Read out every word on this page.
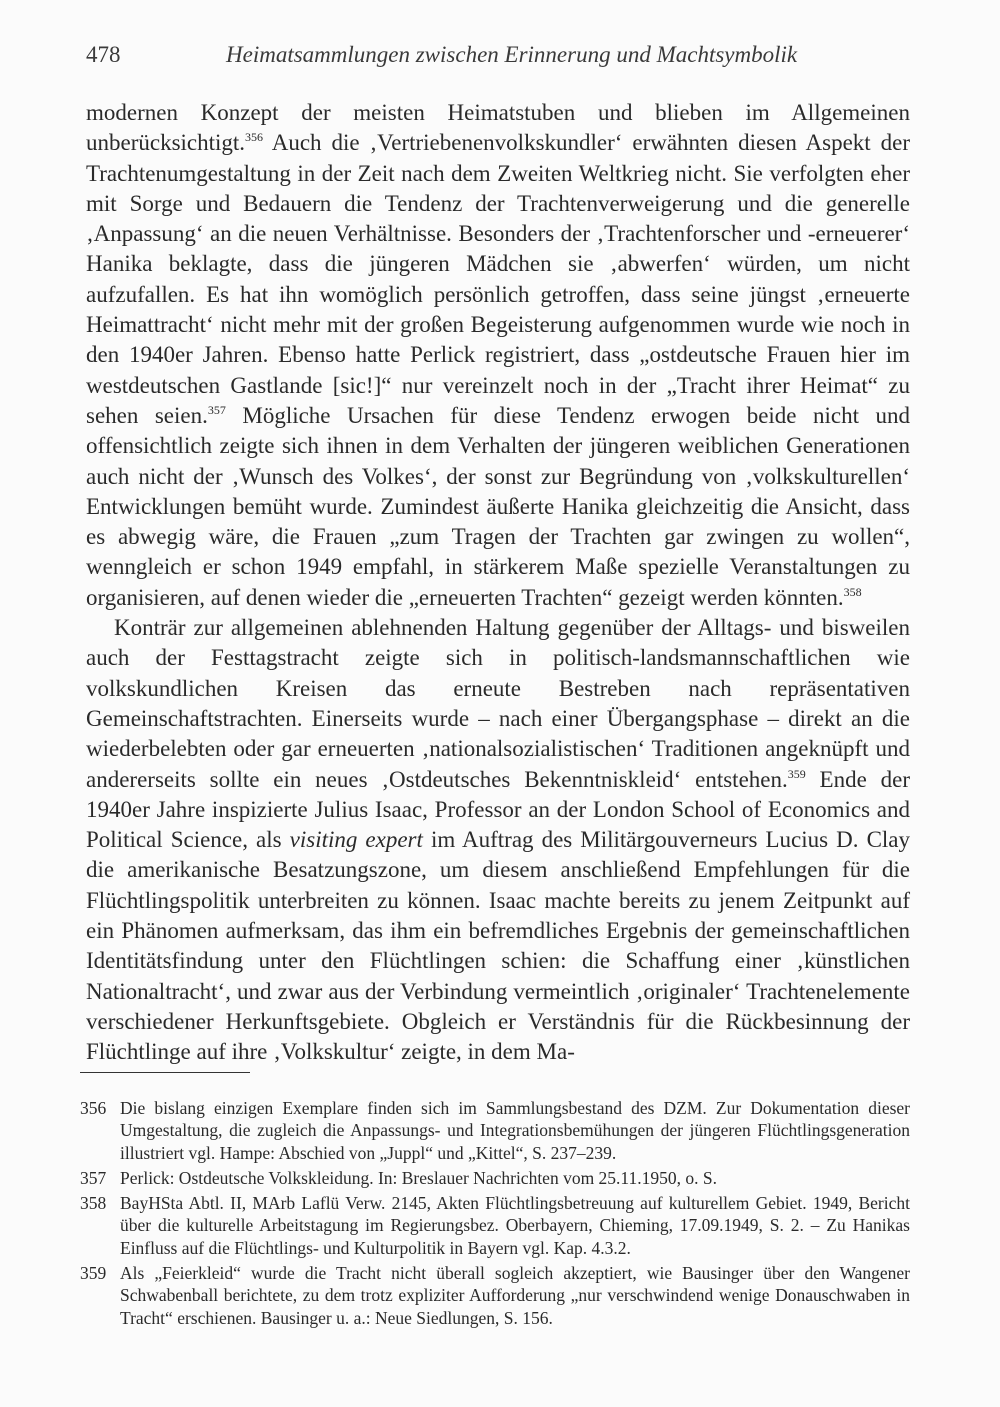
478	Heimatsammlungen zwischen Erinnerung und Machtsymbolik

modernen Konzept der meisten Heimatstuben und blieben im Allgemeinen unberücksichtigt.$^{356}$ Auch die ‚Vertriebenenvolkskundler‘ erwähnten diesen Aspekt der Trachtenumgestaltung in der Zeit nach dem Zweiten Weltkrieg nicht. Sie verfolgten eher mit Sorge und Bedauern die Tendenz der Trachtenverweigerung und die generelle ‚Anpassung‘ an die neuen Verhältnisse. Besonders der ‚Trachtenforscher und -erneuerer‘ Hanika beklagte, dass die jüngeren Mädchen sie ‚abwerfen‘ würden, um nicht aufzufallen. Es hat ihn womöglich persönlich getroffen, dass seine jüngst ‚erneuerte Heimattracht‘ nicht mehr mit der großen Begeisterung aufgenommen wurde wie noch in den 1940er Jahren. Ebenso hatte Perlick registriert, dass „ostdeutsche Frauen hier im westdeutschen Gastlande [sic!]“ nur vereinzelt noch in der „Tracht ihrer Heimat“ zu sehen seien.$^{357}$ Mögliche Ursachen für diese Tendenz erwogen beide nicht und offensichtlich zeigte sich ihnen in dem Verhalten der jüngeren weiblichen Generationen auch nicht der ‚Wunsch des Volkes‘, der sonst zur Begründung von ‚volkskulturellen‘ Entwicklungen bemüht wurde. Zumindest äußerte Hanika gleichzeitig die Ansicht, dass es abwegig wäre, die Frauen „zum Tragen der Trachten gar zwingen zu wollen“, wenngleich er schon 1949 empfahl, in stärkerem Maße spezielle Veranstaltungen zu organisieren, auf denen wieder die „erneuerten Trachten“ gezeigt werden könnten.$^{358}$

Konträr zur allgemeinen ablehnenden Haltung gegenüber der Alltags- und bisweilen auch der Festtagstracht zeigte sich in politisch-landsmannschaftlichen wie volkskundlichen Kreisen das erneute Bestreben nach repräsentativen Gemeinschaftstrachten. Einerseits wurde – nach einer Übergangsphase – direkt an die wiederbelebten oder gar erneuerten ‚nationalsozialistischen‘ Traditionen angeknüpft und andererseits sollte ein neues ‚Ostdeutsches Bekenntniskleid‘ entstehen.$^{359}$ Ende der 1940er Jahre inspizierte Julius Isaac, Professor an der London School of Economics and Political Science, als visiting expert im Auftrag des Militärgouverneurs Lucius D. Clay die amerikanische Besatzungszone, um diesem anschließend Empfehlungen für die Flüchtlingspolitik unterbreiten zu können. Isaac machte bereits zu jenem Zeitpunkt auf ein Phänomen aufmerksam, das ihm ein befremdliches Ergebnis der gemeinschaftlichen Identitätsfindung unter den Flüchtlingen schien: die Schaffung einer ‚künstlichen Nationaltracht‘, und zwar aus der Verbindung vermeintlich ‚originaler‘ Trachtenelemente verschiedener Herkunftsgebiete. Obgleich er Verständnis für die Rückbesinnung der Flüchtlinge auf ihre ‚Volkskultur‘ zeigte, in dem Ma-

356 Die bislang einzigen Exemplare finden sich im Sammlungsbestand des DZM. Zur Dokumentation dieser Umgestaltung, die zugleich die Anpassungs- und Integrationsbemühungen der jüngeren Flüchtlingsgeneration illustriert vgl. Hampe: Abschied von „Juppl“ und „Kittel“, S. 237–239.
357 Perlick: Ostdeutsche Volkskleidung. In: Breslauer Nachrichten vom 25.11.1950, o. S.
358 BayHSta Abtl. II, MArb Laflü Verw. 2145, Akten Flüchtlingsbetreuung auf kulturellem Gebiet. 1949, Bericht über die kulturelle Arbeitstagung im Regierungsbez. Oberbayern, Chieming, 17.09.1949, S. 2. – Zu Hanikas Einfluss auf die Flüchtlings- und Kulturpolitik in Bayern vgl. Kap. 4.3.2.
359 Als „Feierkleid“ wurde die Tracht nicht überall sogleich akzeptiert, wie Bausinger über den Wangener Schwabenball berichtete, zu dem trotz expliziter Aufforderung „nur verschwindend wenige Donauschwaben in Tracht“ erschienen. Bausinger u. a.: Neue Siedlungen, S. 156.
